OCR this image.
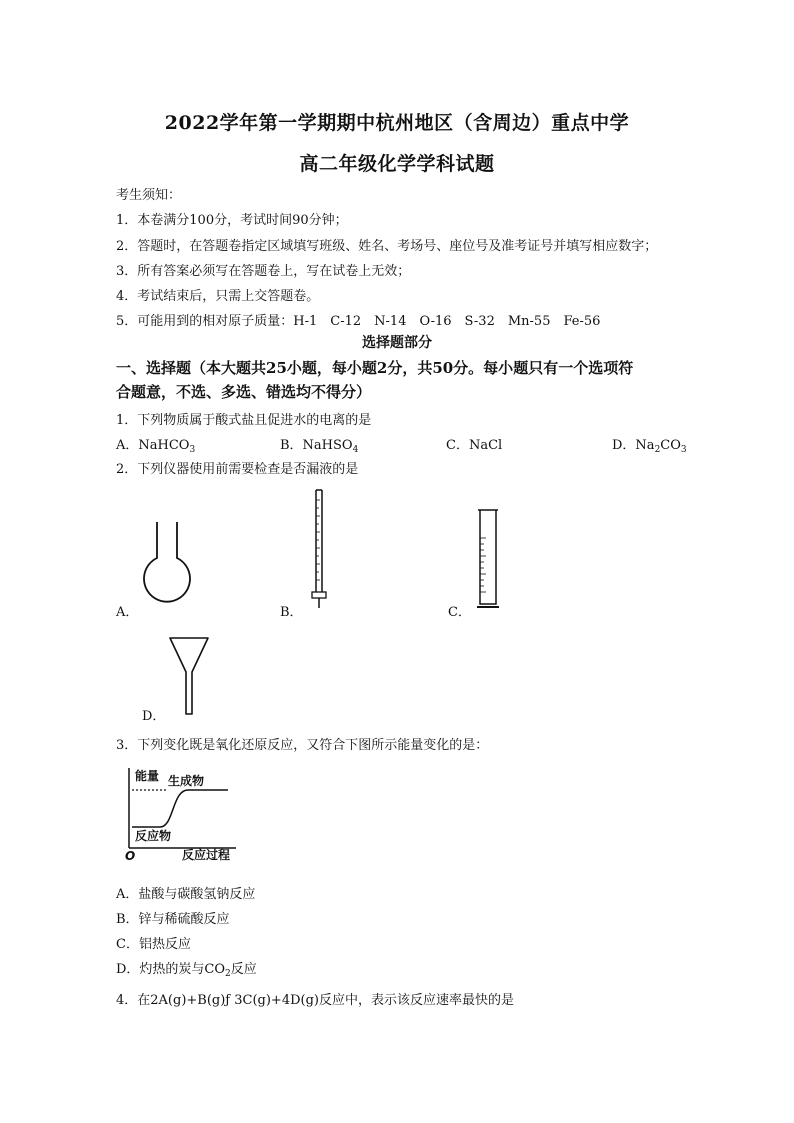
2022学年第一学期期中杭州地区（含周边）重点中学
高二年级化学学科试题
考生须知：
1．本卷满分100分，考试时间90分钟；
2．答题时，在答题卷指定区域填写班级、姓名、考场号、座位号及准考证号并填写相应数字；
3．所有答案必须写在答题卷上，写在试卷上无效；
4．考试结束后，只需上交答题卷。
5．可能用到的相对原子质量：H-1　C-12　N-14　O-16　S-32　Mn-55　Fe-56
选择题部分
一、选择题（本大题共25小题，每小题2分，共50分。每小题只有一个选项符
合题意，不选、多选、错选均不得分）
1．下列物质属于酸式盐且促进水的电离的是
A．NaHCO$_3$	B．NaHSO$_4$	C．NaCl	D．$Na_2CO_3$
2．下列仪器使用前需要检查是否漏液的是
A．	B．	C．
D．
3．下列变化既是氧化还原反应，又符合下图所示能量变化的是：
能量 生成物
反应物
O	反应过程
A．盐酸与碳酸氢钠反应
B．锌与稀硫酸反应
C．铝热反应
D．灼热的炭与$CO_2$反应
4．在2A(g)+B(g)ƒ 3C(g)+4D(g)反应中，表示该反应速率最快的是
